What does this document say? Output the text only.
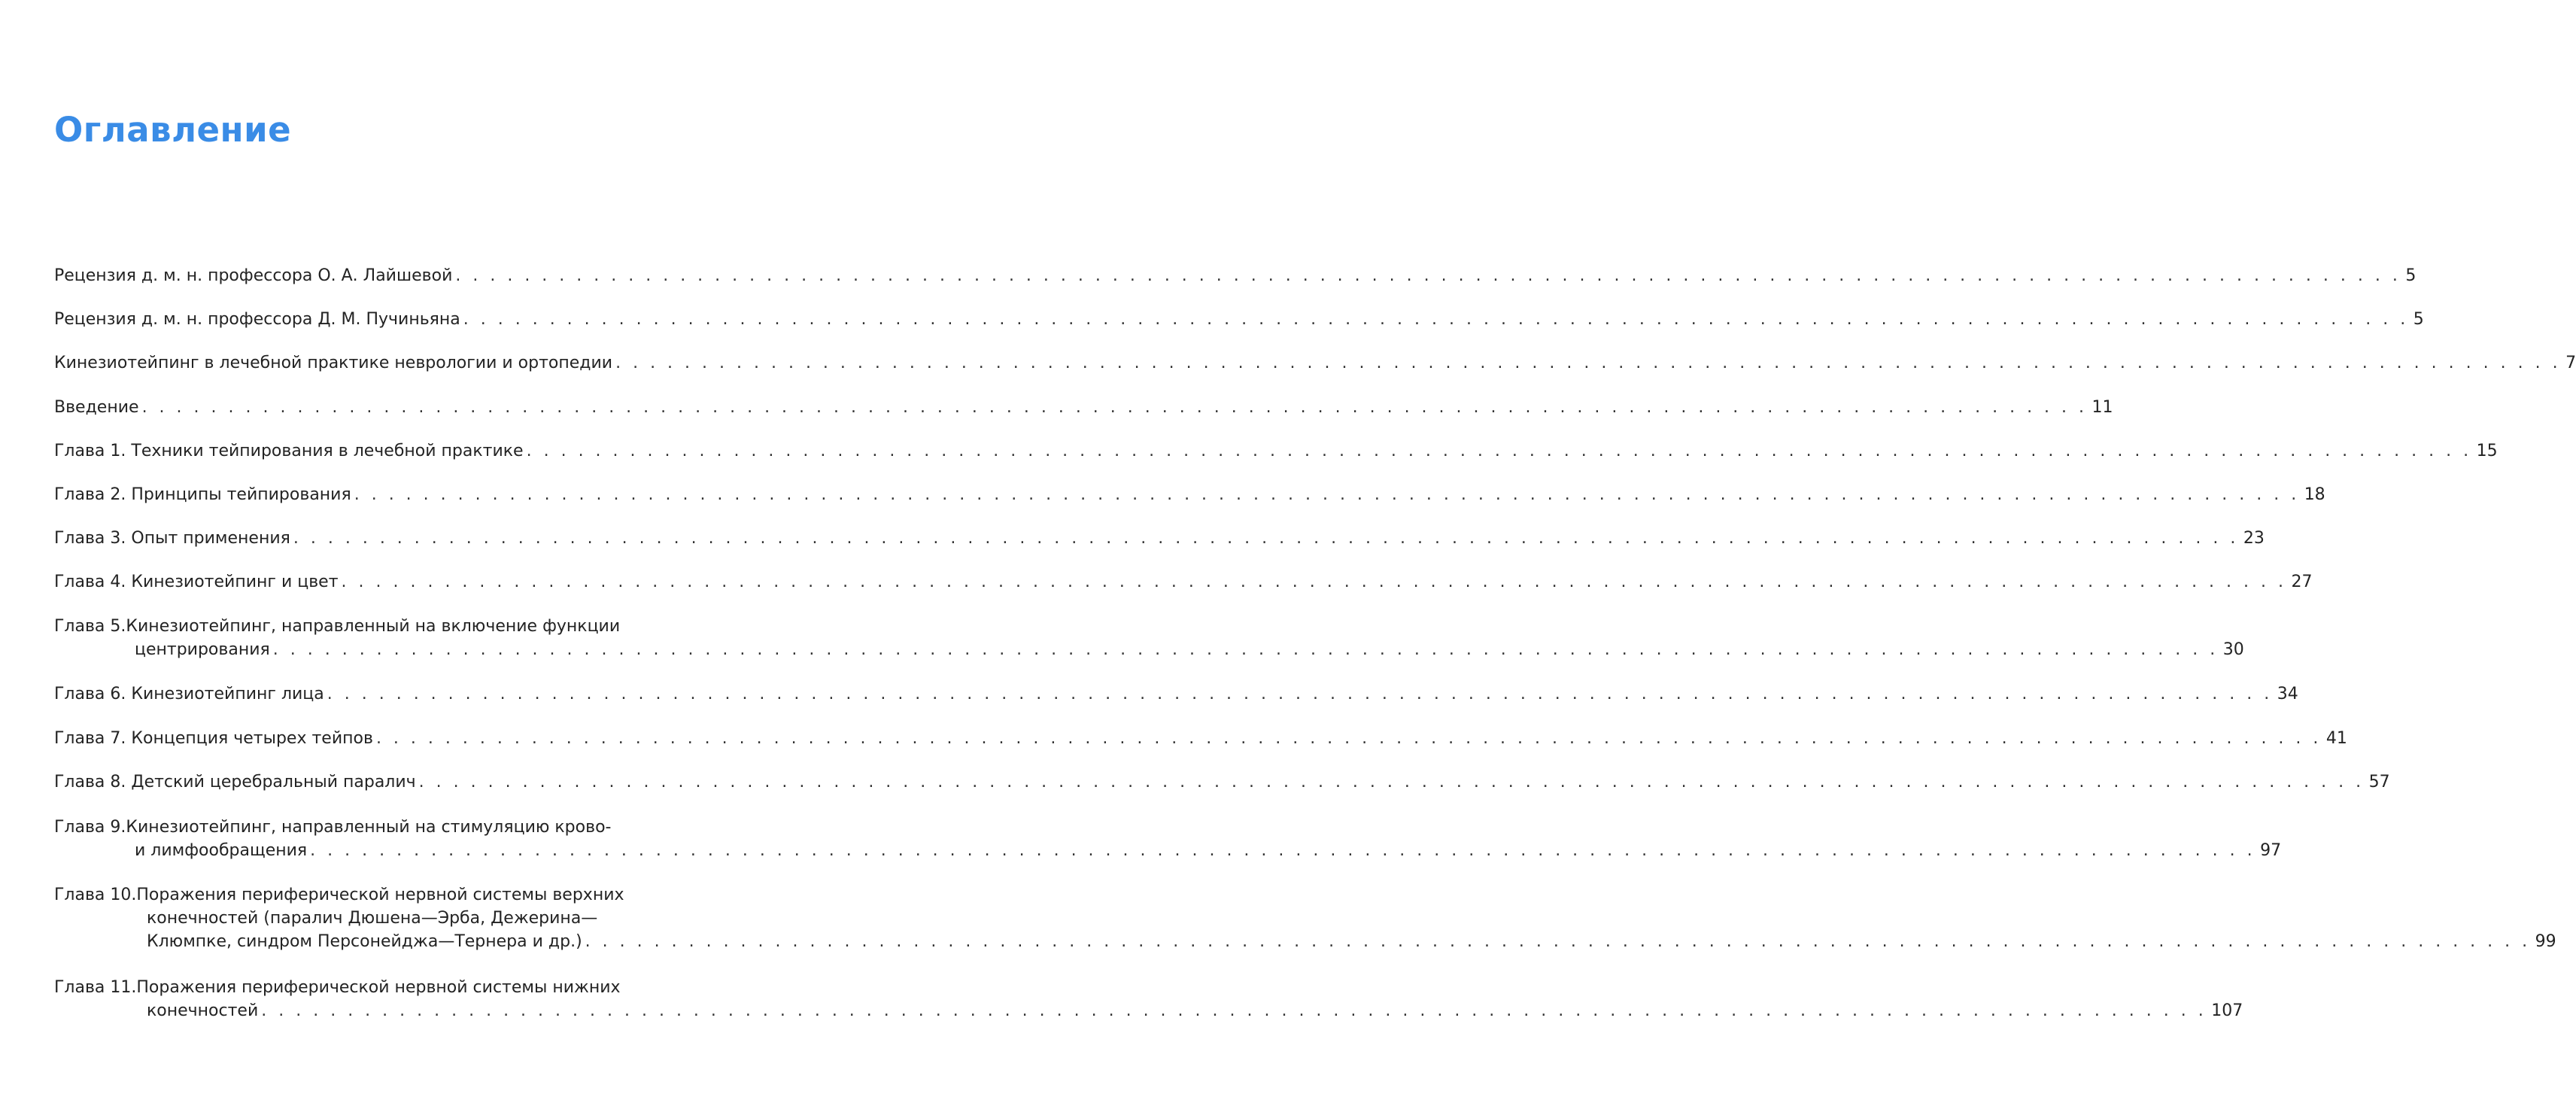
Оглавление
Рецензия д. м. н. профессора О. А. Лайшевой . . .	5
Рецензия д. м. н. профессора Д. М. Пучиньяна . . .	5
Кинезиотейпинг в лечебной практике неврологии и ортопедии . . .	7
Введение . . .	11
Глава 1. Техники тейпирования в лечебной практике . . .	15
Глава 2. Принципы тейпирования . . .	18
Глава 3. Опыт применения . . .	23
Глава 4. Кинезиотейпинг и цвет . . .	27
Глава 5. Кинезиотейпинг, направленный на включение функции
центрирования . . .	30
Глава 6. Кинезиотейпинг лица . . .	34
Глава 7. Концепция четырех тейпов . . .	41
Глава 8. Детский церебральный паралич . . .	57
Глава 9. Кинезиотейпинг, направленный на стимуляцию крово-
и лимфообращения . . .	97
Глава 10. Поражения периферической нервной системы верхних
конечностей (паралич Дюшена—Эрба, Дежерина—
Клюмпке, синдром Персонейджа—Тернера и др.) . . .	99
Глава 11. Поражения периферической нервной системы нижних
конечностей . . .	107
